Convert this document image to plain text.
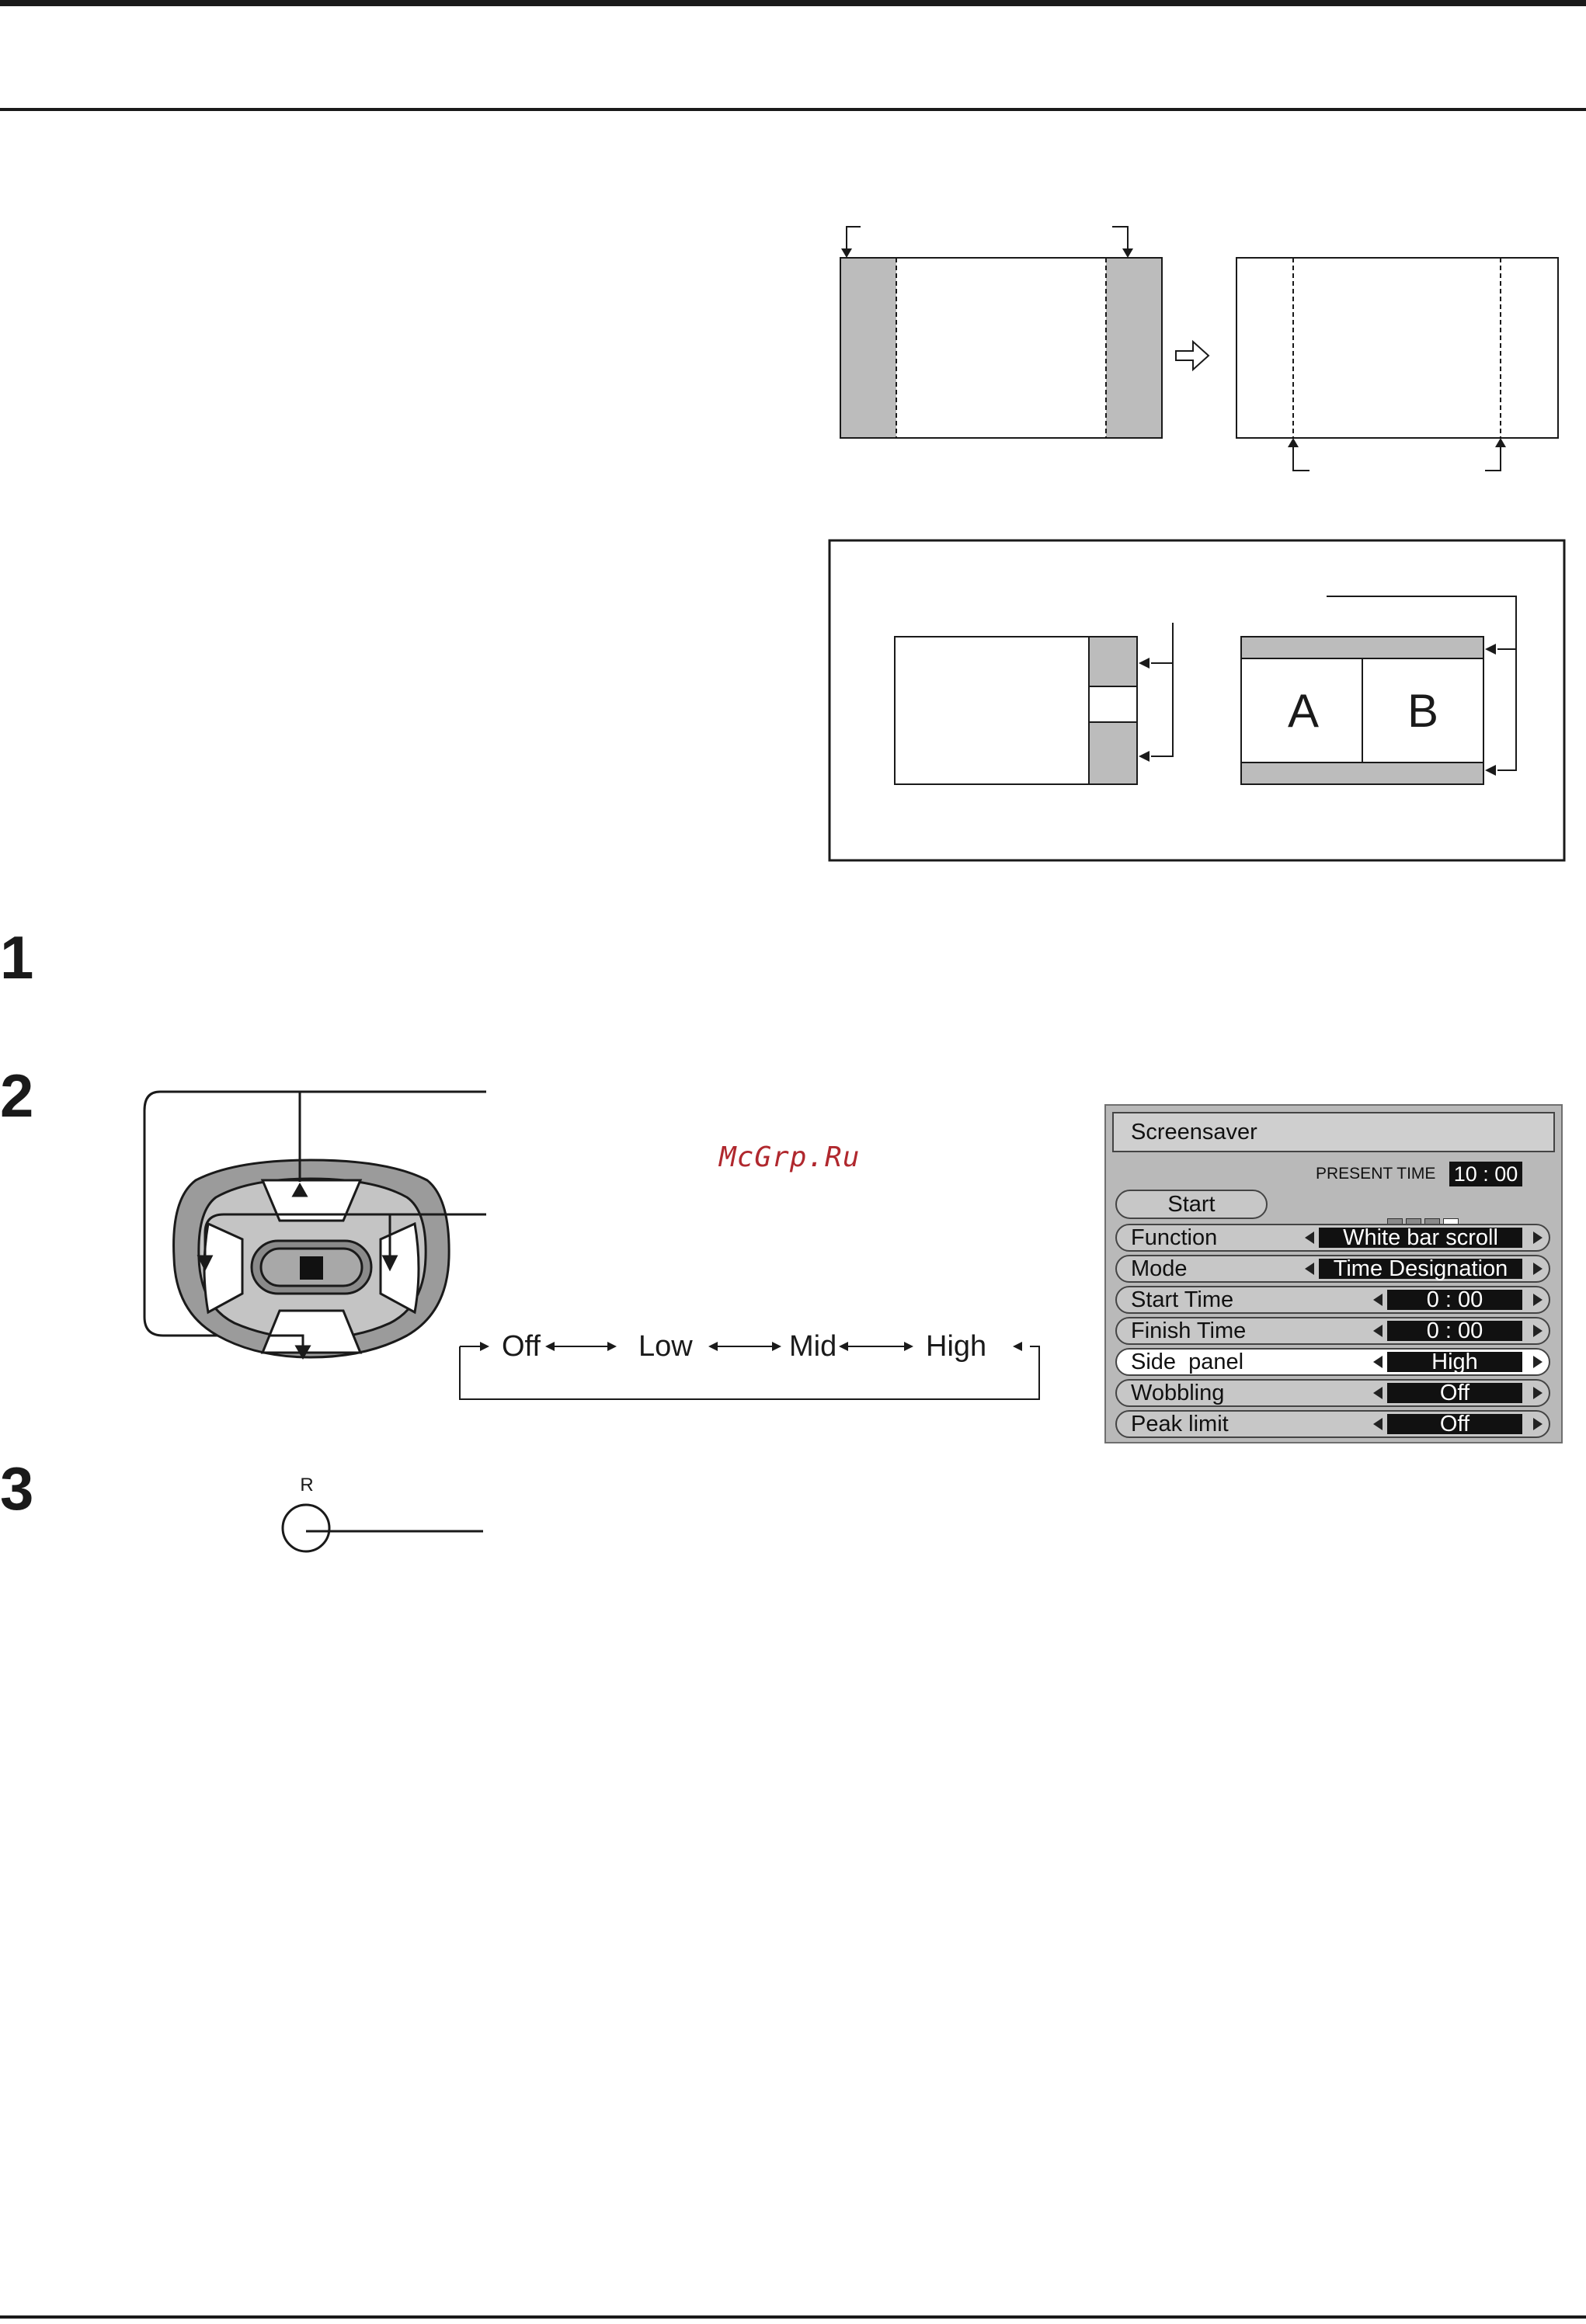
A B
1
2
3
Off	Low	Mid	High
R
McGrp.Ru
Screensaver
PRESENT TIME 10 : 00
Start
Function	White bar scroll
Mode	Time Designation
Start Time	0 : 00
Finish Time	0 : 00
Side  panel	High
Wobbling	Off
Peak limit	Off
